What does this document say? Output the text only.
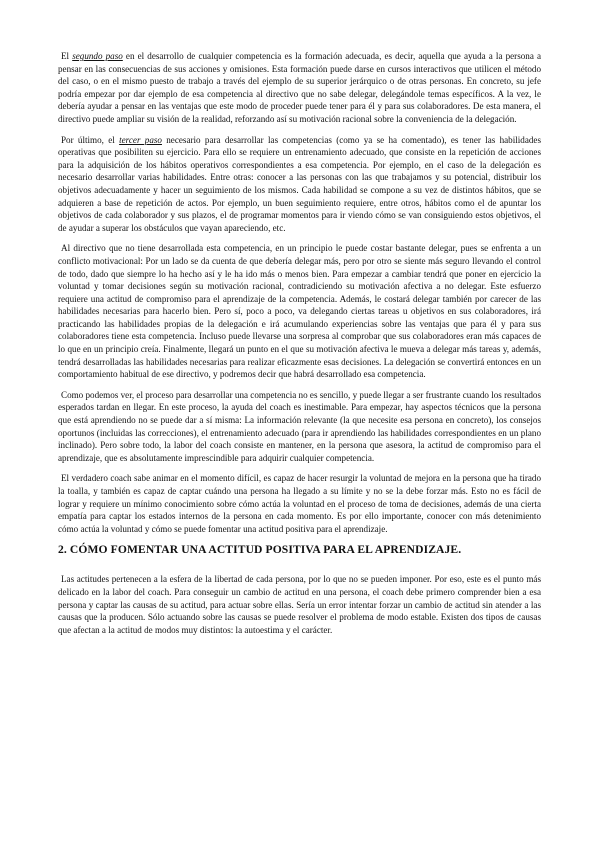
El segundo paso en el desarrollo de cualquier competencia es la formación adecuada, es decir, aquella que ayuda a la persona a pensar en las consecuencias de sus acciones y omisiones. Esta formación puede darse en cursos interactivos que utilicen el método del caso, o en el mismo puesto de trabajo a través del ejemplo de su superior jerárquico o de otras personas. En concreto, su jefe podría empezar por dar ejemplo de esa competencia al directivo que no sabe delegar, delegándole temas específicos. A la vez, le debería ayudar a pensar en las ventajas que este modo de proceder puede tener para él y para sus colaboradores. De esta manera, el directivo puede ampliar su visión de la realidad, reforzando así su motivación racional sobre la conveniencia de la delegación.

Por último, el tercer paso necesario para desarrollar las competencias (como ya se ha comentado), es tener las habilidades operativas que posibiliten su ejercicio. Para ello se requiere un entrenamiento adecuado, que consiste en la repetición de acciones para la adquisición de los hábitos operativos correspondientes a esa competencia. Por ejemplo, en el caso de la delegación es necesario desarrollar varias habilidades. Entre otras: conocer a las personas con las que trabajamos y su potencial, distribuir los objetivos adecuadamente y hacer un seguimiento de los mismos. Cada habilidad se compone a su vez de distintos hábitos, que se adquieren a base de repetición de actos. Por ejemplo, un buen seguimiento requiere, entre otros, hábitos como el de apuntar los objetivos de cada colaborador y sus plazos, el de programar momentos para ir viendo cómo se van consiguiendo estos objetivos, el de ayudar a superar los obstáculos que vayan apareciendo, etc.

Al directivo que no tiene desarrollada esta competencia, en un principio le puede costar bastante delegar, pues se enfrenta a un conflicto motivacional: Por un lado se da cuenta de que debería delegar más, pero por otro se siente más seguro llevando el control de todo, dado que siempre lo ha hecho así y le ha ido más o menos bien. Para empezar a cambiar tendrá que poner en ejercicio la voluntad y tomar decisiones según su motivación racional, contradiciendo su motivación afectiva a no delegar. Este esfuerzo requiere una actitud de compromiso para el aprendizaje de la competencia. Además, le costará delegar también por carecer de las habilidades necesarias para hacerlo bien. Pero sí, poco a poco, va delegando ciertas tareas u objetivos en sus colaboradores, irá practicando las habilidades propias de la delegación e irá acumulando experiencias sobre las ventajas que para él y para sus colaboradores tiene esta competencia. Incluso puede llevarse una sorpresa al comprobar que sus colaboradores eran más capaces de lo que en un principio creía. Finalmente, llegará un punto en el que su motivación afectiva le mueva a delegar más tareas y, además, tendrá desarrolladas las habilidades necesarias para realizar eficazmente esas decisiones. La delegación se convertirá entonces en un comportamiento habitual de ese directivo, y podremos decir que habrá desarrollado esa competencia.

Como podemos ver, el proceso para desarrollar una competencia no es sencillo, y puede llegar a ser frustrante cuando los resultados esperados tardan en llegar. En este proceso, la ayuda del coach es inestimable. Para empezar, hay aspectos técnicos que la persona que está aprendiendo no se puede dar a sí misma: La información relevante (la que necesite esa persona en concreto), los consejos oportunos (incluidas las correcciones), el entrenamiento adecuado (para ir aprendiendo las habilidades correspondientes en un plano inclinado). Pero sobre todo, la labor del coach consiste en mantener, en la persona que asesora, la actitud de compromiso para el aprendizaje, que es absolutamente imprescindible para adquirir cualquier competencia.

El verdadero coach sabe animar en el momento difícil, es capaz de hacer resurgir la voluntad de mejora en la persona que ha tirado la toalla, y también es capaz de captar cuándo una persona ha llegado a su límite y no se la debe forzar más. Esto no es fácil de lograr y requiere un mínimo conocimiento sobre cómo actúa la voluntad en el proceso de toma de decisiones, además de una cierta empatía para captar los estados internos de la persona en cada momento. Es por ello importante, conocer con más detenimiento cómo actúa la voluntad y cómo se puede fomentar una actitud positiva para el aprendizaje.

2. CÓMO FOMENTAR UNA ACTITUD POSITIVA PARA EL APRENDIZAJE.

Las actitudes pertenecen a la esfera de la libertad de cada persona, por lo que no se pueden imponer. Por eso, este es el punto más delicado en la labor del coach. Para conseguir un cambio de actitud en una persona, el coach debe primero comprender bien a esa persona y captar las causas de su actitud, para actuar sobre ellas. Sería un error intentar forzar un cambio de actitud sin atender a las causas que la producen. Sólo actuando sobre las causas se puede resolver el problema de modo estable. Existen dos tipos de causas que afectan a la actitud de modos muy distintos: la autoestima y el carácter.
